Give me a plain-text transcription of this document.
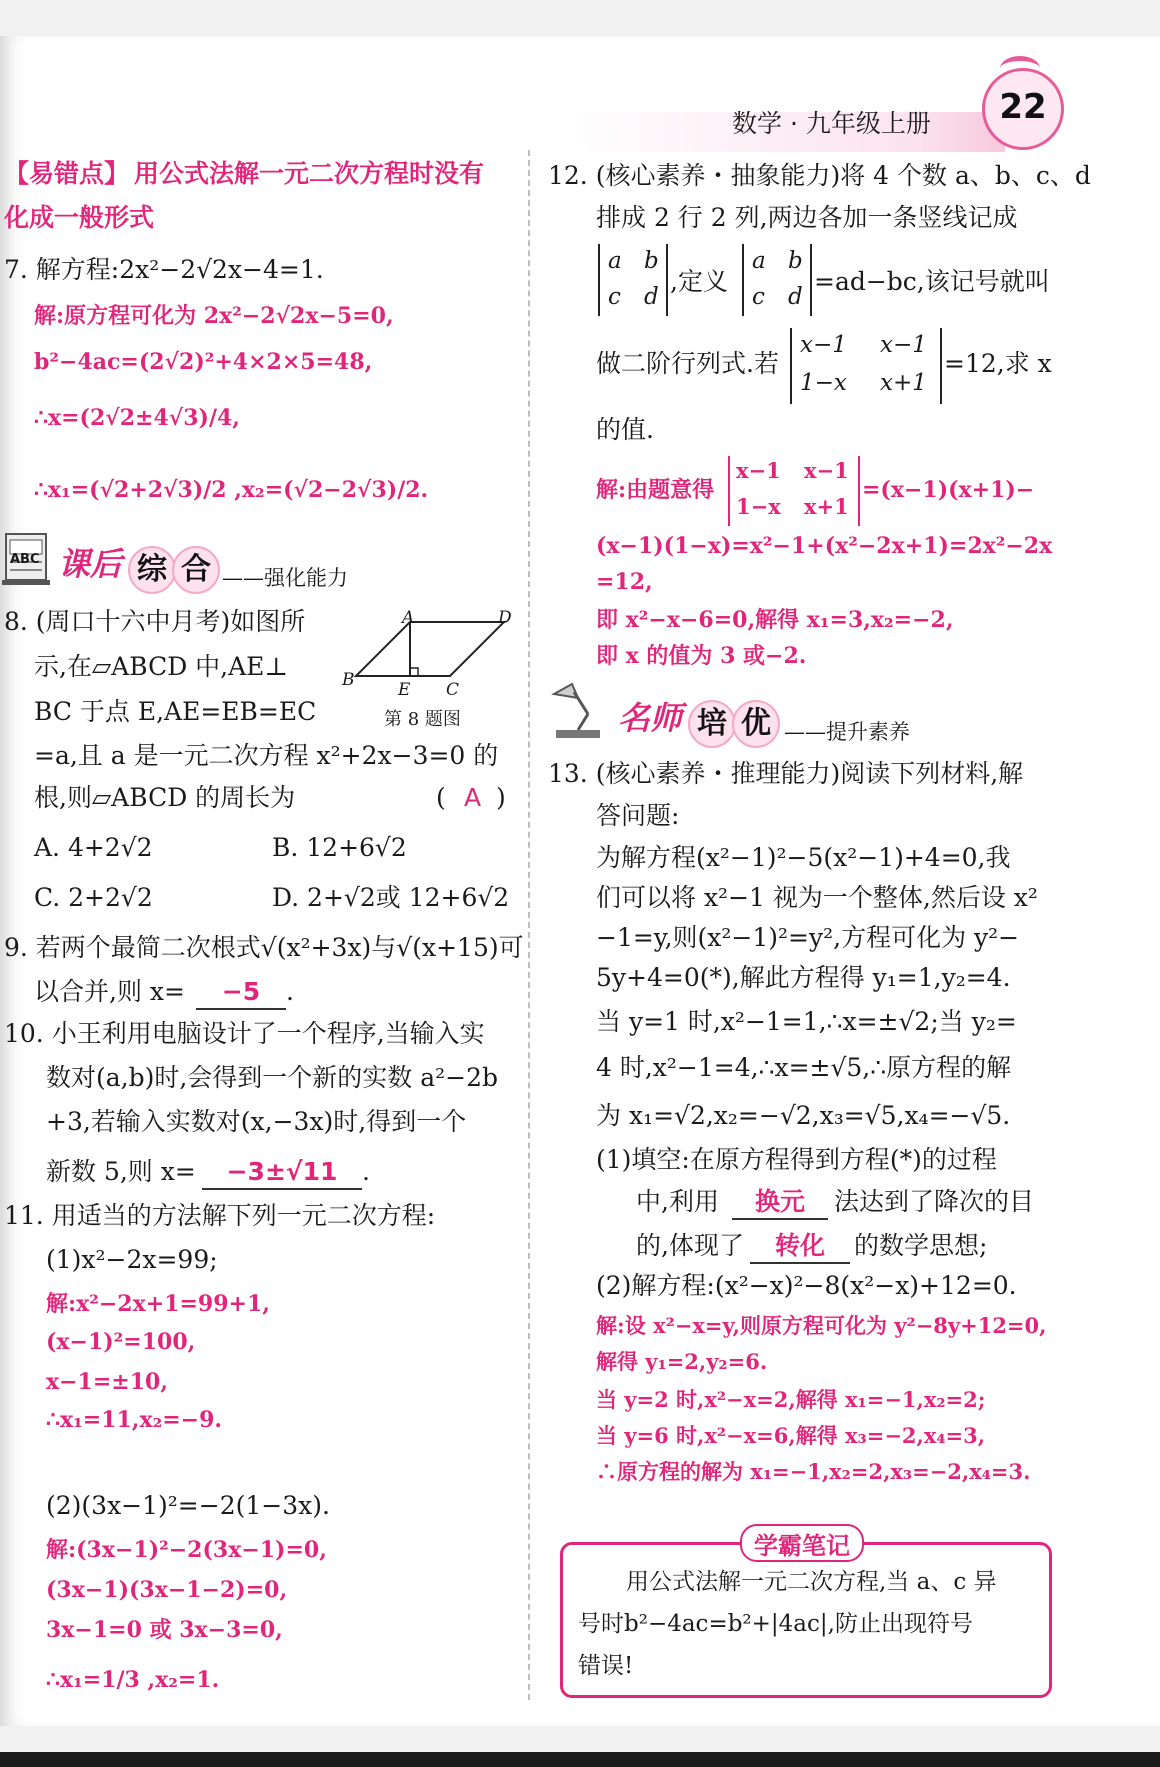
数学 · 九年级上册	22
【易错点】 用公式法解一元二次方程时没有
化成一般形式
7. 解方程:2x²−2√2x−4=1.
解:原方程可化为 2x²−2√2x−5=0,
b²−4ac=(2√2)²+4×2×5=48,
∴x=(2√2±4√3)/4,
∴x₁=(√2+2√3)/2 ,x₂=(√2−2√3)/2.
ABC 课后 综 合 ——强化能力
8. (周口十六中月考)如图所
示,在▱ABCD 中,AE⊥
BC 于点 E,AE=EB=EC
=a,且 a 是一元二次方程 x²+2x−3=0 的
根,则▱ABCD 的周长为	( A )
A	D
B	E C
第 8 题图
A. 4+2√2	B. 12+6√2
C. 2+2√2	D. 2+√2或 12+6√2
9. 若两个最简二次根式√(x²+3x)与√(x+15)可
以合并,则 x=	−5 .
10. 小王利用电脑设计了一个程序,当输入实
数对(a,b)时,会得到一个新的实数 a²−2b
+3,若输入实数对(x,−3x)时,得到一个
新数 5,则 x=	−3±√11 .
11. 用适当的方法解下列一元二次方程:
(1)x²−2x=99;
解:x²−2x+1=99+1,
(x−1)²=100,
x−1=±10,
∴x₁=11,x₂=−9.
(2)(3x−1)²=−2(1−3x).
解:(3x−1)²−2(3x−1)=0,
(3x−1)(3x−1−2)=0,
3x−1=0 或 3x−3=0,
∴x₁=1/3 ,x₂=1.
12. (核心素养・抽象能力)将 4 个数 a、b、c、d
排成 2 行 2 列,两边各加一条竖线记成
a b
c d
,定义
a b
c d
=ad−bc,该记号就叫
做二阶行列式.若
x−1 x−1
1−x x+1
=12,求 x
的值.
解:由题意得
x−1 x−1
1−x x+1
=(x−1)(x+1)−
(x−1)(1−x)=x²−1+(x²−2x+1)=2x²−2x
=12,
即 x²−x−6=0,解得 x₁=3,x₂=−2,
即 x 的值为 3 或−2.
名师 培 优 ——提升素养
13. (核心素养・推理能力)阅读下列材料,解
答问题:
为解方程(x²−1)²−5(x²−1)+4=0,我
们可以将 x²−1 视为一个整体,然后设 x²
−1=y,则(x²−1)²=y²,方程可化为 y²−
5y+4=0(*),解此方程得 y₁=1,y₂=4.
当 y=1 时,x²−1=1,∴x=±√2;当 y₂=
4 时,x²−1=4,∴x=±√5,∴原方程的解
为 x₁=√2,x₂=−√2,x₃=√5,x₄=−√5.
(1)填空:在原方程得到方程(*)的过程
中,利用	换元	法达到了降次的目
的,体现了	转化	的数学思想;
(2)解方程:(x²−x)²−8(x²−x)+12=0.
解:设 x²−x=y,则原方程可化为 y²−8y+12=0,
解得 y₁=2,y₂=6.
当 y=2 时,x²−x=2,解得 x₁=−1,x₂=2;
当 y=6 时,x²−x=6,解得 x₃=−2,x₄=3,
∴原方程的解为 x₁=−1,x₂=2,x₃=−2,x₄=3.
学霸笔记
用公式法解一元二次方程,当 a、c 异
号时b²−4ac=b²+|4ac|,防止出现符号
错误!
